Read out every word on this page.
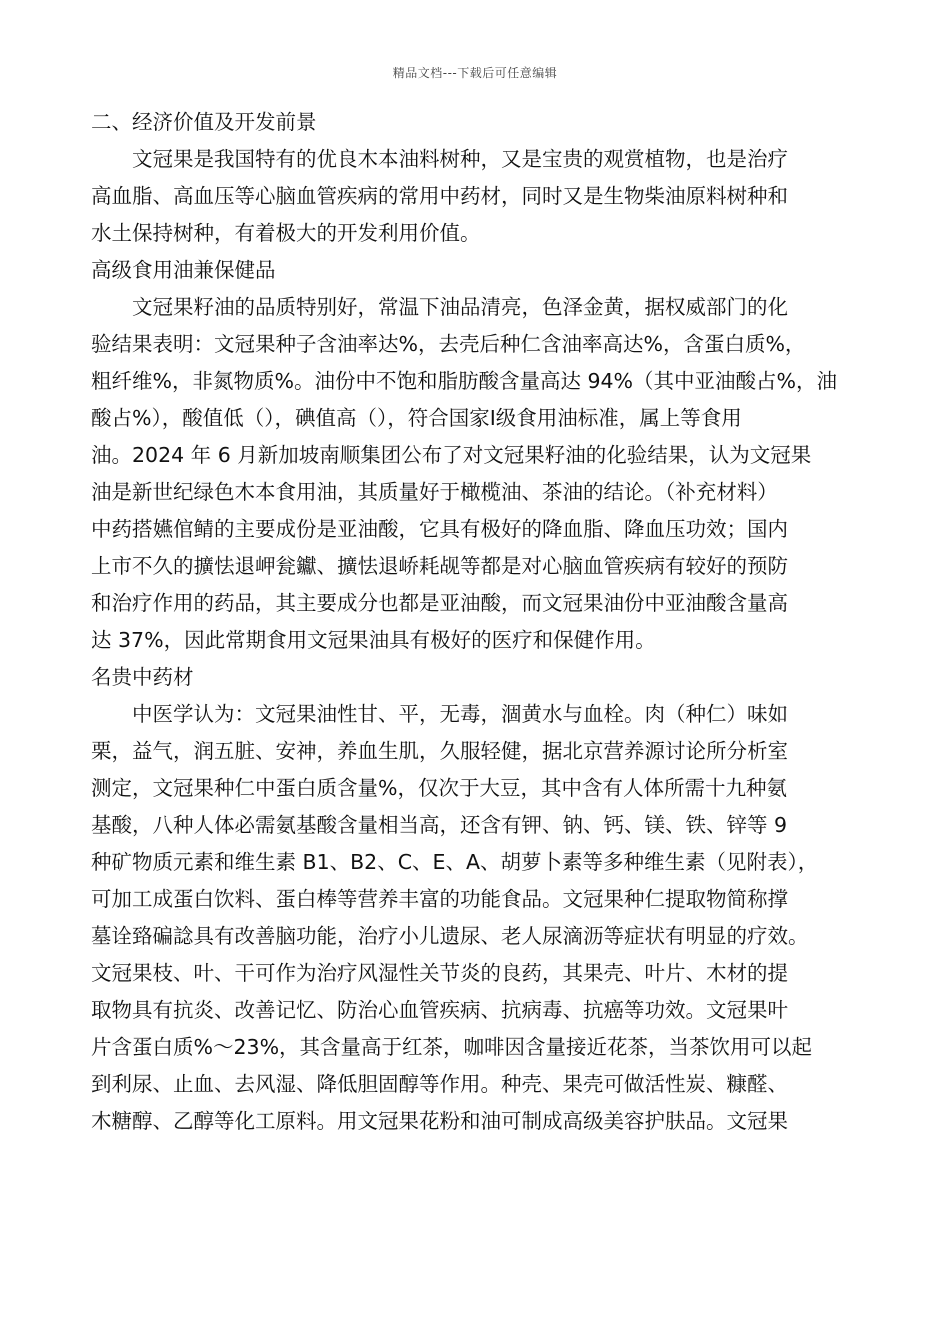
精品文档---下载后可任意编辑

二、经济价值及开发前景

文冠果是我国特有的优良木本油料树种，又是宝贵的观赏植物，也是治疗
高血脂、高血压等心脑血管疾病的常用中药材，同时又是生物柴油原料树种和
水土保持树种，有着极大的开发利用价值。

高级食用油兼保健品

文冠果籽油的品质特别好，常温下油品清亮，色泽金黄，据权威部门的化
验结果表明：文冠果种子含油率达%，去壳后种仁含油率高达%，含蛋白质%，
粗纤维%，非氮物质%。油份中不饱和脂肪酸含量高达 94%（其中亚油酸占%，油
酸占%），酸值低（），碘值高（），符合国家Ⅰ级食用油标准，属上等食用
油。2024 年 6 月新加坡南顺集团公布了对文冠果籽油的化验结果，认为文冠果
油是新世纪绿色木本食用油，其质量好于橄榄油、茶油的结论。（补充材料）
中药搭嬿倌鲭的主要成份是亚油酸，它具有极好的降血脂、降血压功效；国内
上市不久的擴怯退岬瓮钀、擴怯退峤耗觇等都是对心脑血管疾病有较好的预防
和治疗作用的药品，其主要成分也都是亚油酸，而文冠果油份中亚油酸含量高
达 37%，因此常期食用文冠果油具有极好的医疗和保健作用。

名贵中药材

中医学认为：文冠果油性甘、平，无毒，涸黄水与血栓。肉（种仁）味如
栗，益气，润五脏、安神，养血生肌，久服轻健，据北京营养源讨论所分析室
测定，文冠果种仁中蛋白质含量%，仅次于大豆，其中含有人体所需十九种氨
基酸，八种人体必需氨基酸含量相当高，还含有钾、钠、钙、镁、铁、锌等 9
种矿物质元素和维生素 B1、B2、C、E、A、胡萝卜素等多种维生素（见附表），
可加工成蛋白饮料、蛋白棒等营养丰富的功能食品。文冠果种仁提取物简称撑
墓诠臵碥諗具有改善脑功能，治疗小儿遗尿、老人尿滴沥等症状有明显的疗效。
文冠果枝、叶、干可作为治疗风湿性关节炎的良药，其果壳、叶片、木材的提
取物具有抗炎、改善记忆、防治心血管疾病、抗病毒、抗癌等功效。文冠果叶
片含蛋白质%～23%，其含量高于红茶，咖啡因含量接近花茶，当茶饮用可以起
到利尿、止血、去风湿、降低胆固醇等作用。种壳、果壳可做活性炭、糠醛、
木糖醇、乙醇等化工原料。用文冠果花粉和油可制成高级美容护肤品。文冠果
